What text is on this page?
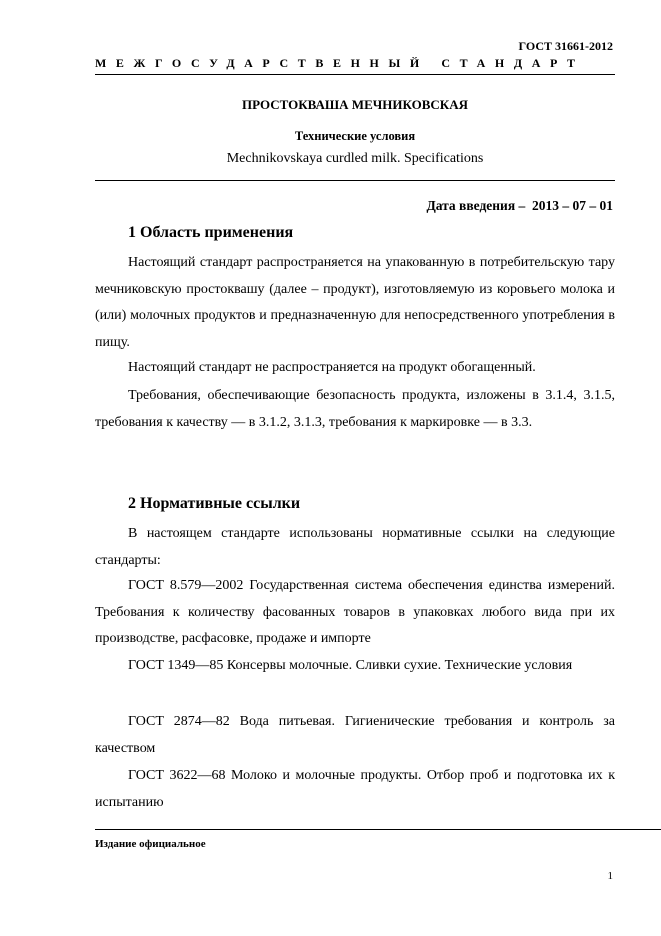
ГОСТ 31661-2012
МЕЖГОСУДАРСТВЕННЫЙ СТАНДАРТ
ПРОСТОКВАША МЕЧНИКОВСКАЯ
Технические условия
Mechnikovskaya curdled milk. Specifications
Дата введения –  2013 – 07 – 01
1 Область применения
Настоящий стандарт распространяется на упакованную в потребительскую тару мечниковскую простоквашу (далее – продукт), изготовляемую из коровьего молока и (или) молочных продуктов и предназначенную для непосредственного употребления в пищу.
Настоящий стандарт не распространяется на продукт обогащенный.
Требования, обеспечивающие безопасность продукта, изложены в 3.1.4, 3.1.5, требования к качеству — в 3.1.2, 3.1.3, требования к маркировке — в 3.3.
2 Нормативные ссылки
В настоящем стандарте использованы нормативные ссылки на следующие стандарты:
ГОСТ 8.579—2002 Государственная система обеспечения единства измерений. Требования к количеству фасованных товаров в упаковках любого вида при их производстве, расфасовке, продаже и импорте
ГОСТ 1349—85 Консервы молочные. Сливки сухие. Технические условия
ГОСТ 2874—82 Вода питьевая. Гигиенические требования и контроль за качеством
ГОСТ 3622—68 Молоко и молочные продукты. Отбор проб и подготовка их к испытанию
Издание официальное
1
